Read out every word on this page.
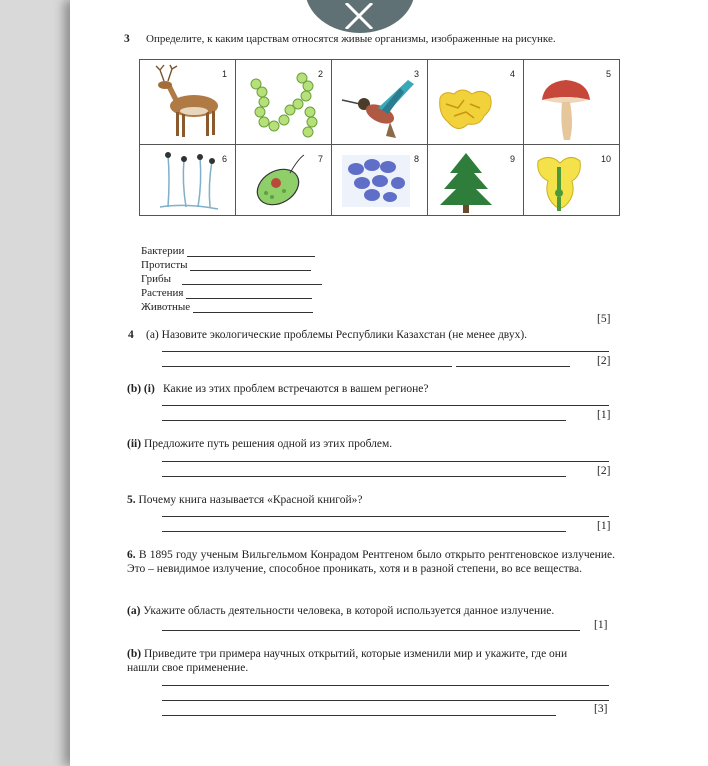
3 Определите, к каким царствам относятся живые организмы, изображенные на рисунке.
1	2	3	4	5

6	7	8	9	10
Бактерии
Протисты
Грибы
Растения
Животные
[5]
4 (a) Назовите экологические проблемы Республики Казахстан (не менее двух).
[2]
(b) (i) Какие из этих проблем встречаются в вашем регионе?
[1]
(ii) Предложите путь решения одной из этих проблем.
[2]
5. Почему книга называется «Красной книгой»?
[1]
6. В 1895 году ученым Вильгельмом Конрадом Рентгеном было открыто рентгеновское излучение. Это – невидимое излучение, способное проникать, хотя и в разной степени, во все вещества.
(a) Укажите область деятельности человека, в которой используется данное излучение.
[1]
(b) Приведите три примера научных открытий, которые изменили мир и укажите, где они нашли свое применение.
[3]
